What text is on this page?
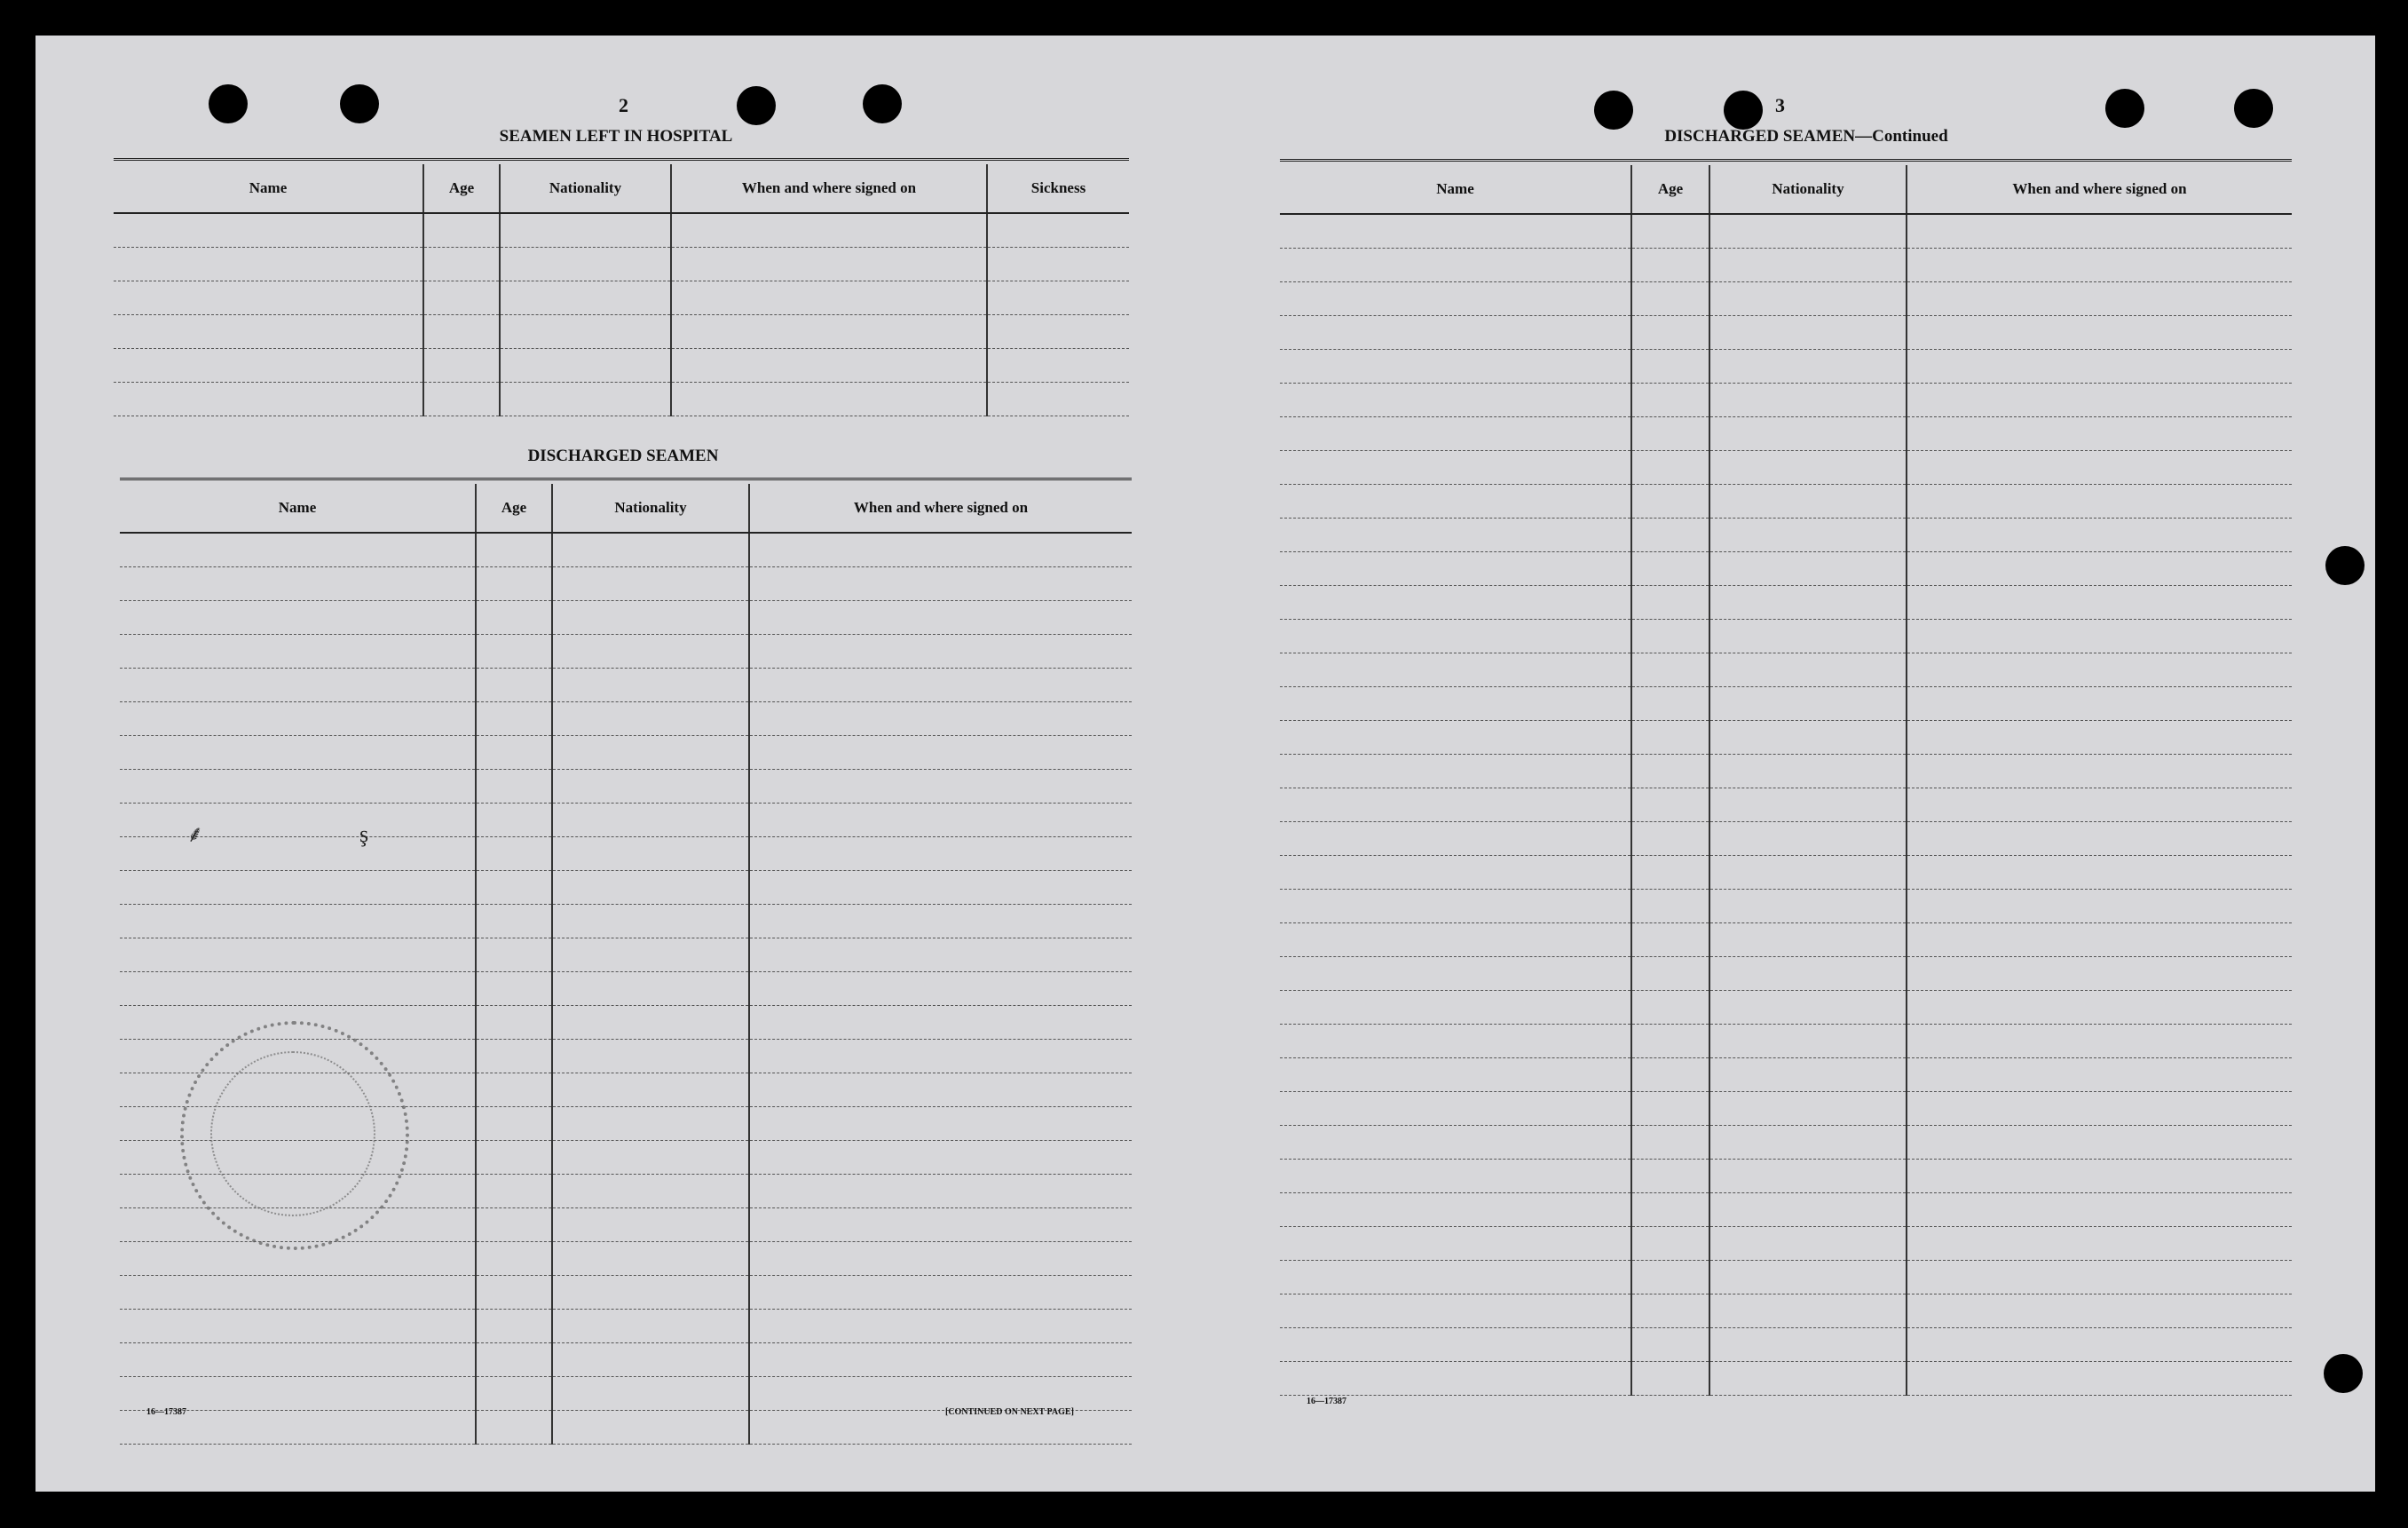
2
SEAMEN LEFT IN HOSPITAL
Name	Age	Nationality	When and where signed on	Sickness

DISCHARGED SEAMEN
Name	Age	Nationality	When and where signed on

⸙	ş
16—17387	[CONTINUED ON NEXT PAGE]
3
DISCHARGED SEAMEN—Continued
Name	Age	Nationality	When and where signed on

16—17387
